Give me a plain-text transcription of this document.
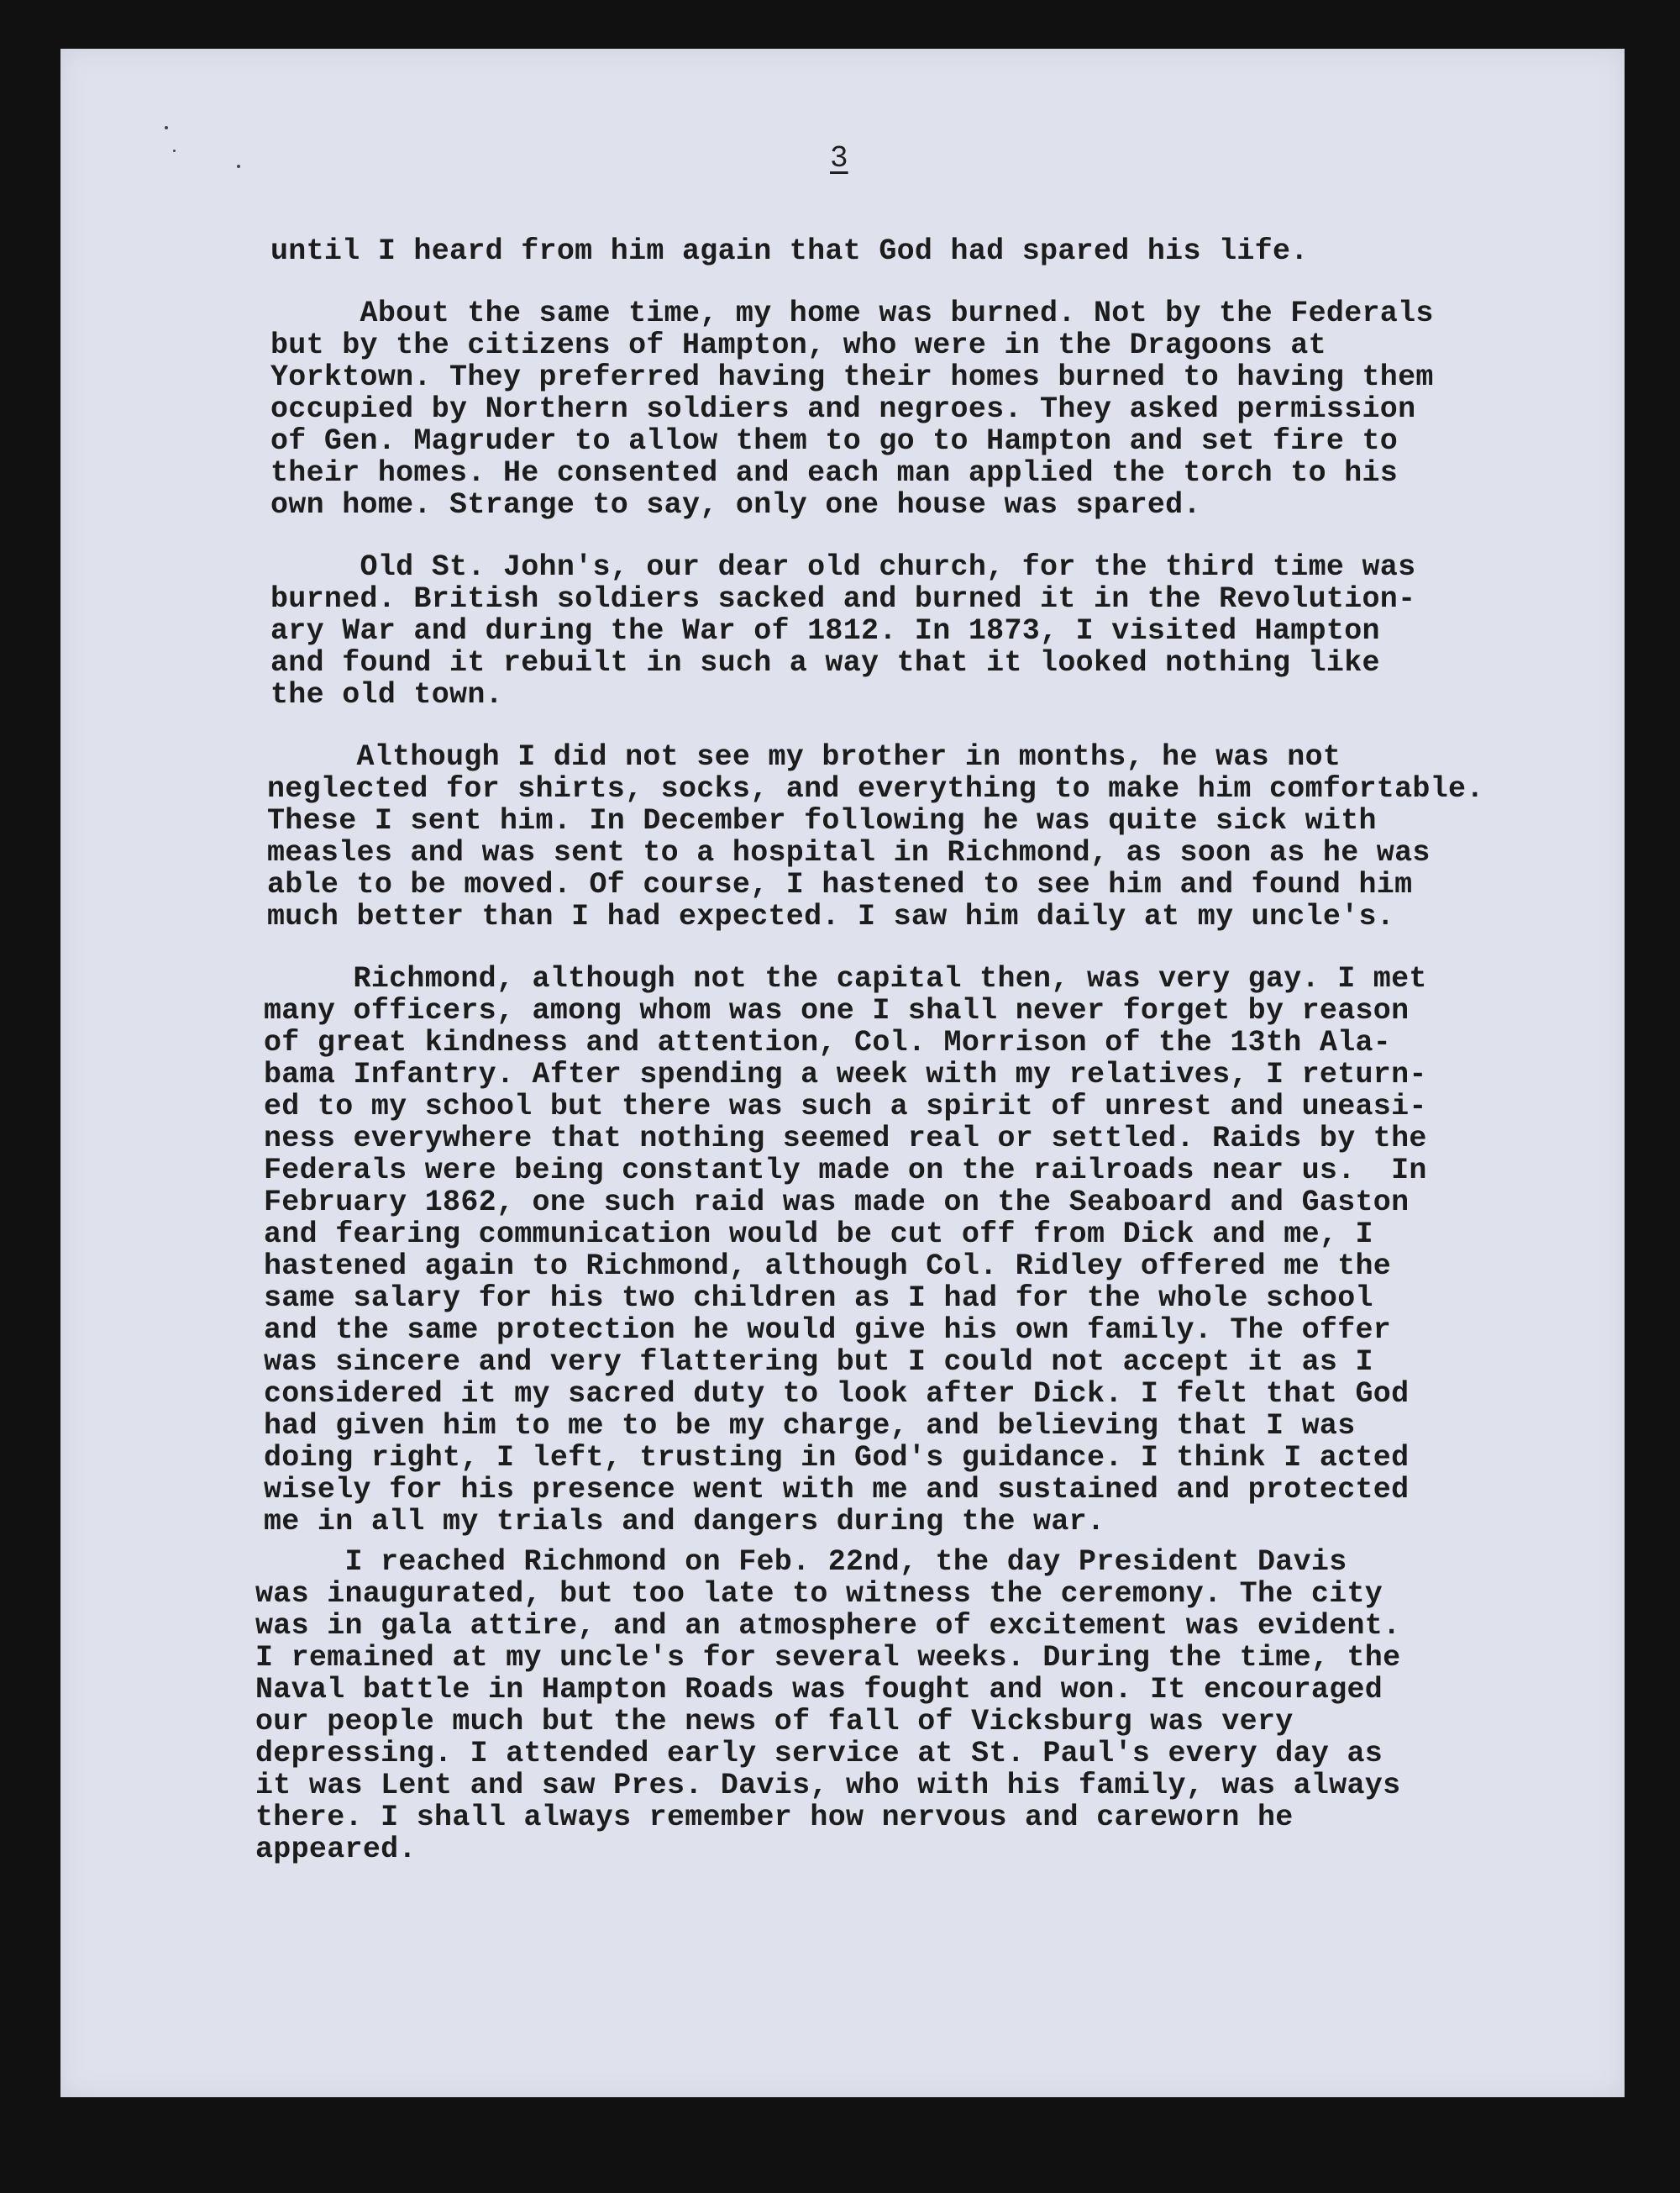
3

until I heard from him again that God had spared his life.

About the same time, my home was burned. Not by the Federals

but by the citizens of Hampton, who were in the Dragoons at

Yorktown. They preferred having their homes burned to having them

occupied by Northern soldiers and negroes. They asked permission

of Gen. Magruder to allow them to go to Hampton and set fire to

their homes. He consented and each man applied the torch to his

own home. Strange to say, only one house was spared.

Old St. John's, our dear old church, for the third time was

burned. British soldiers sacked and burned it in the Revolution-

ary War and during the War of 1812. In 1873, I visited Hampton

and found it rebuilt in such a way that it looked nothing like

the old town.

Although I did not see my brother in months, he was not

neglected for shirts, socks, and everything to make him comfortable.

These I sent him. In December following he was quite sick with

measles and was sent to a hospital in Richmond, as soon as he was

able to be moved. Of course, I hastened to see him and found him

much better than I had expected. I saw him daily at my uncle's.

Richmond, although not the capital then, was very gay. I met

many officers, among whom was one I shall never forget by reason

of great kindness and attention, Col. Morrison of the 13th Ala-

bama Infantry. After spending a week with my relatives, I return-

ed to my school but there was such a spirit of unrest and uneasi-

ness everywhere that nothing seemed real or settled. Raids by the

Federals were being constantly made on the railroads near us.  In

February 1862, one such raid was made on the Seaboard and Gaston

and fearing communication would be cut off from Dick and me, I

hastened again to Richmond, although Col. Ridley offered me the

same salary for his two children as I had for the whole school

and the same protection he would give his own family. The offer

was sincere and very flattering but I could not accept it as I

considered it my sacred duty to look after Dick. I felt that God

had given him to me to be my charge, and believing that I was

doing right, I left, trusting in God's guidance. I think I acted

wisely for his presence went with me and sustained and protected

me in all my trials and dangers during the war.

I reached Richmond on Feb. 22nd, the day President Davis

was inaugurated, but too late to witness the ceremony. The city

was in gala attire, and an atmosphere of excitement was evident.

I remained at my uncle's for several weeks. During the time, the

Naval battle in Hampton Roads was fought and won. It encouraged

our people much but the news of fall of Vicksburg was very

depressing. I attended early service at St. Paul's every day as

it was Lent and saw Pres. Davis, who with his family, was always

there. I shall always remember how nervous and careworn he

appeared.
